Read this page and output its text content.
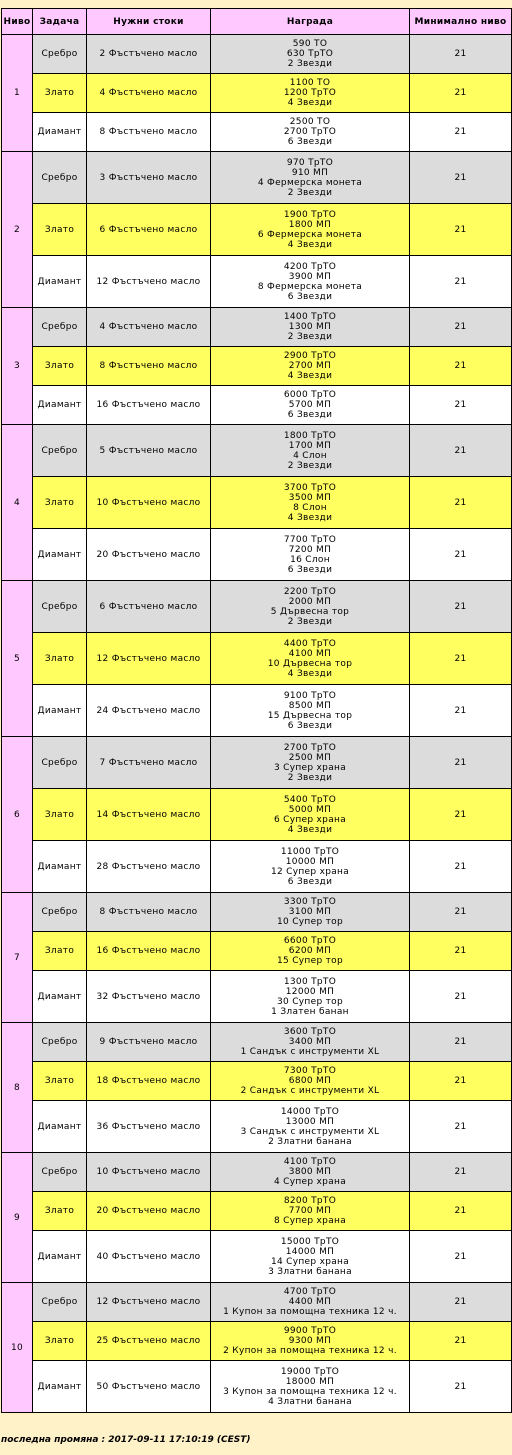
Ниво	Задача	Нужни стоки	Награда	Минимално ниво
1	Сребро	2 Фъстъчено масло	590 ТО
630 ТрТО
2 Звезди	21
	Злато	4 Фъстъчено масло	1100 ТО
1200 ТрТО
4 Звезди	21
	Диамант	8 Фъстъчено масло	2500 ТО
2700 ТрТО
6 Звезди	21
2	Сребро	3 Фъстъчено масло	970 ТрТО
910 МП
4 Фермерска монета
2 Звезди	21
	Злато	6 Фъстъчено масло	1900 ТрТО
1800 МП
6 Фермерска монета
4 Звезди	21
	Диамант	12 Фъстъчено масло	4200 ТрТО
3900 МП
8 Фермерска монета
6 Звезди	21
3	Сребро	4 Фъстъчено масло	1400 ТрТО
1300 МП
2 Звезди	21
	Злато	8 Фъстъчено масло	2900 ТрТО
2700 МП
4 Звезди	21
	Диамант	16 Фъстъчено масло	6000 ТрТО
5700 МП
6 Звезди	21
4	Сребро	5 Фъстъчено масло	1800 ТрТО
1700 МП
4 Слон
2 Звезди	21
	Злато	10 Фъстъчено масло	3700 ТрТО
3500 МП
8 Слон
4 Звезди	21
	Диамант	20 Фъстъчено масло	7700 ТрТО
7200 МП
16 Слон
6 Звезди	21
5	Сребро	6 Фъстъчено масло	2200 ТрТО
2000 МП
5 Дървесна тор
2 Звезди	21
	Злато	12 Фъстъчено масло	4400 ТрТО
4100 МП
10 Дървесна тор
4 Звезди	21
	Диамант	24 Фъстъчено масло	9100 ТрТО
8500 МП
15 Дървесна тор
6 Звезди	21
6	Сребро	7 Фъстъчено масло	2700 ТрТО
2500 МП
3 Супер храна
2 Звезди	21
	Злато	14 Фъстъчено масло	5400 ТрТО
5000 МП
6 Супер храна
4 Звезди	21
	Диамант	28 Фъстъчено масло	11000 ТрТО
10000 МП
12 Супер храна
6 Звезди	21
7	Сребро	8 Фъстъчено масло	3300 ТрТО
3100 МП
10 Супер тор	21
	Злато	16 Фъстъчено масло	6600 ТрТО
6200 МП
15 Супер тор	21
	Диамант	32 Фъстъчено масло	1300 ТрТО
12000 МП
30 Супер тор
1 Златен банан	21
8	Сребро	9 Фъстъчено масло	3600 ТрТО
3400 МП
1 Сандък с инструменти XL	21
	Злато	18 Фъстъчено масло	7300 ТрТО
6800 МП
2 Сандък с инструменти XL	21
	Диамант	36 Фъстъчено масло	14000 ТрТО
13000 МП
3 Сандък с инструменти XL
2 Златни банана	21
9	Сребро	10 Фъстъчено масло	4100 ТрТО
3800 МП
4 Супер храна	21
	Злато	20 Фъстъчено масло	8200 ТрТО
7700 МП
8 Супер храна	21
	Диамант	40 Фъстъчено масло	15000 ТрТО
14000 МП
14 Супер храна
3 Златни банана	21
10	Сребро	12 Фъстъчено масло	4700 ТрТО
4400 МП
1 Купон за помощна техника 12 ч.	21
	Злато	25 Фъстъчено масло	9900 ТрТО
9300 МП
2 Купон за помощна техника 12 ч.	21
	Диамант	50 Фъстъчено масло	19000 ТрТО
18000 МП
3 Купон за помощна техника 12 ч.
4 Златни банана	21
последна промяна : 2017-09-11 17:10:19 (CEST)
